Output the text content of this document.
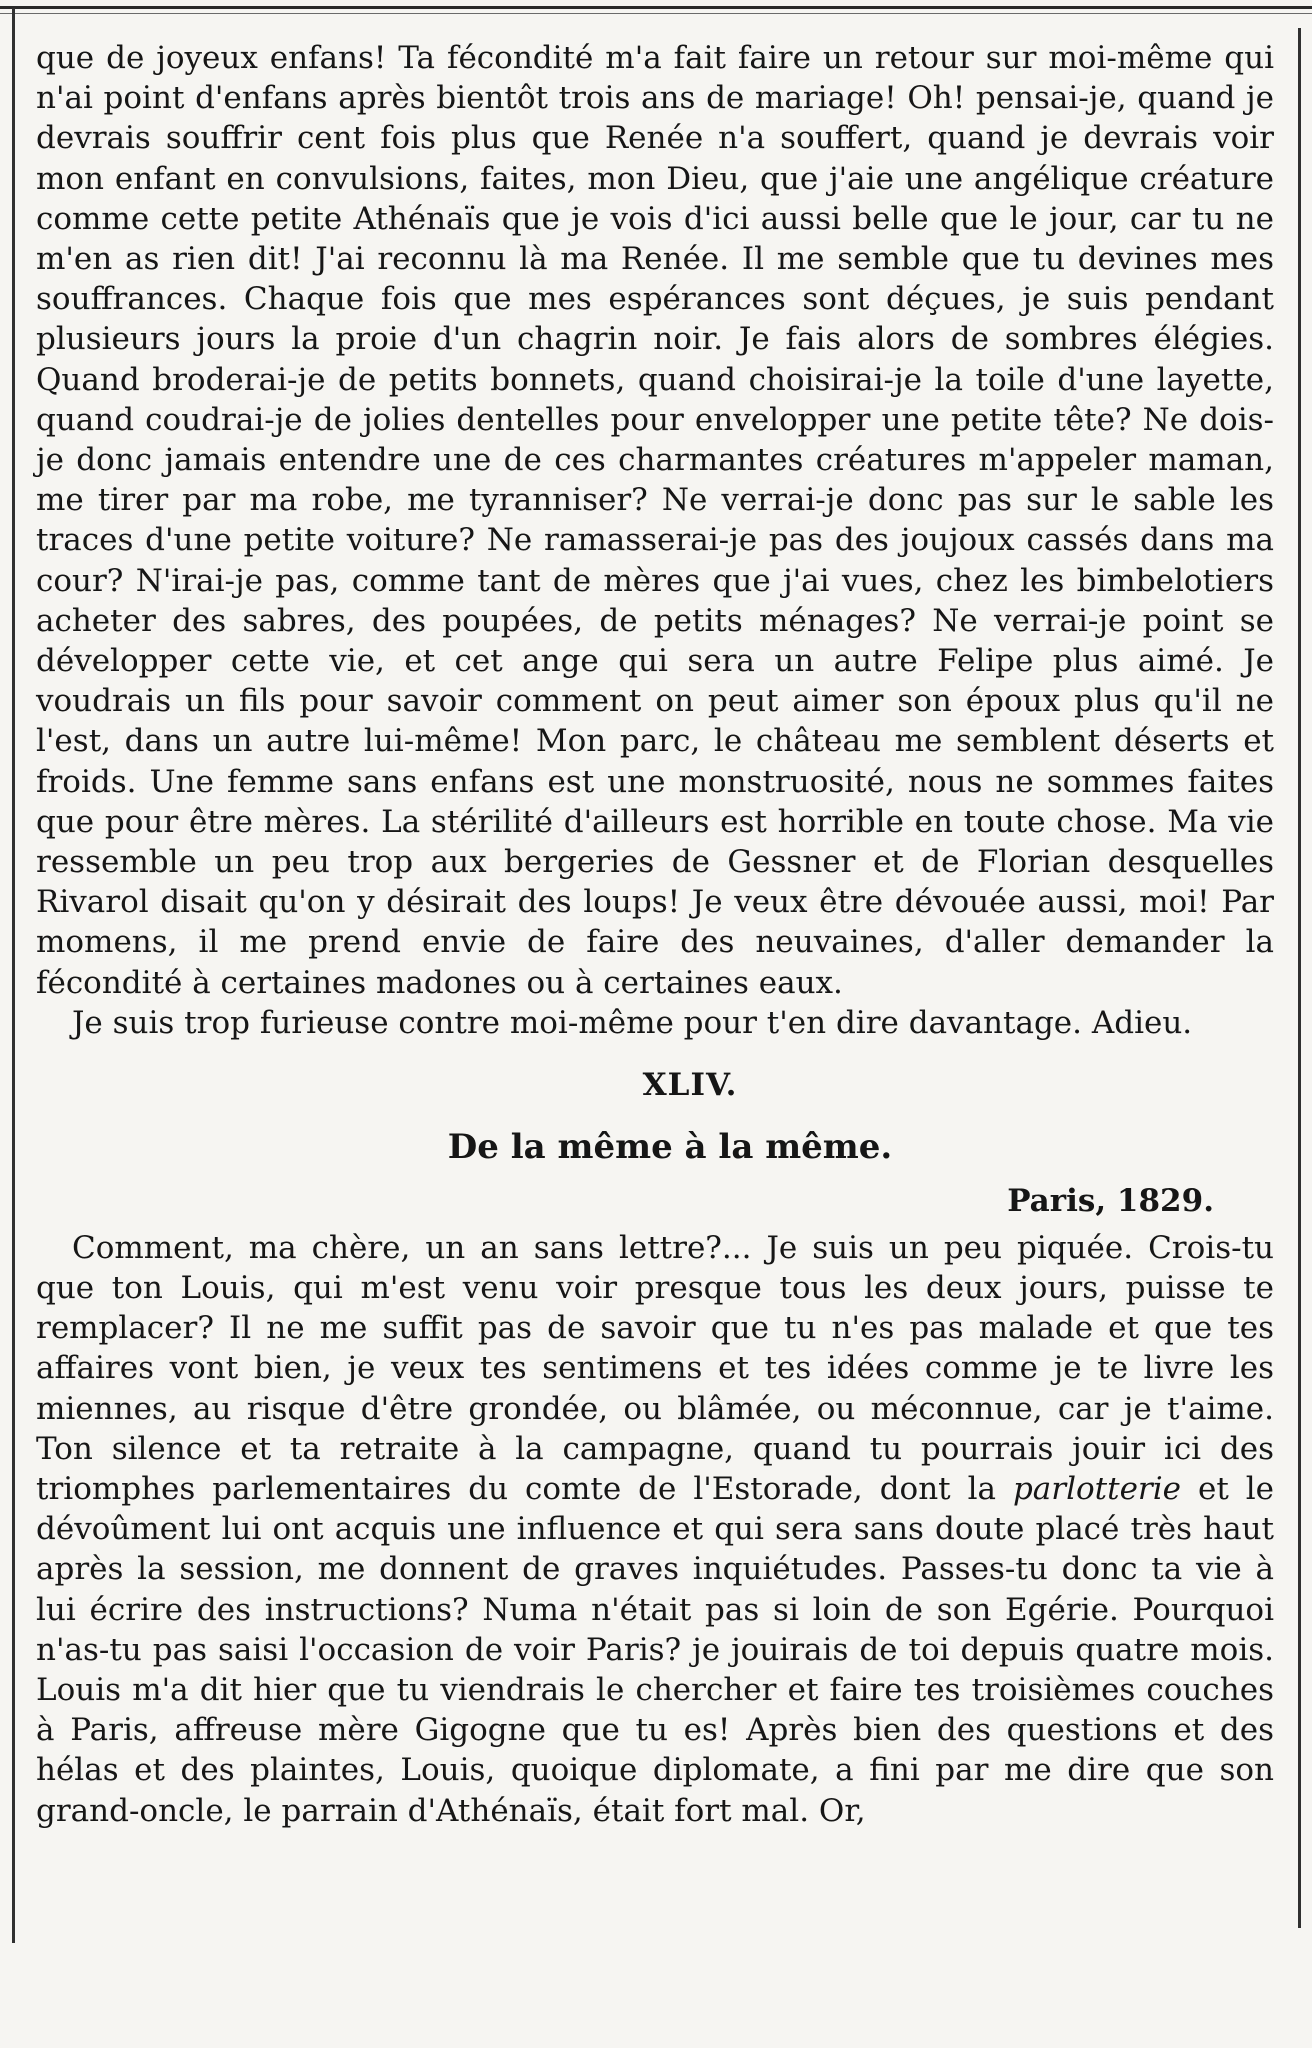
que de joyeux enfans! Ta fécondité m'a fait faire un retour sur moi-même qui n'ai point d'enfans après bientôt trois ans de mariage! Oh! pensai-je, quand je devrais souffrir cent fois plus que Renée n'a souffert, quand je devrais voir mon enfant en convulsions, faites, mon Dieu, que j'aie une angélique créature comme cette petite Athénaïs que je vois d'ici aussi belle que le jour, car tu ne m'en as rien dit! J'ai reconnu là ma Renée. Il me semble que tu devines mes souffrances. Chaque fois que mes espérances sont déçues, je suis pendant plusieurs jours la proie d'un chagrin noir. Je fais alors de sombres élégies. Quand broderai-je de petits bonnets, quand choisirai-je la toile d'une layette, quand coudrai-je de jolies dentelles pour envelopper une petite tête? Ne dois-je donc jamais entendre une de ces charmantes créatures m'appeler maman, me tirer par ma robe, me tyranniser? Ne verrai-je donc pas sur le sable les traces d'une petite voiture? Ne ramasserai-je pas des joujoux cassés dans ma cour? N'irai-je pas, comme tant de mères que j'ai vues, chez les bimbelotiers acheter des sabres, des poupées, de petits ménages? Ne verrai-je point se développer cette vie, et cet ange qui sera un autre Felipe plus aimé. Je voudrais un fils pour savoir comment on peut aimer son époux plus qu'il ne l'est, dans un autre lui-même! Mon parc, le château me semblent déserts et froids. Une femme sans enfans est une monstruosité, nous ne sommes faites que pour être mères. La stérilité d'ailleurs est horrible en toute chose. Ma vie ressemble un peu trop aux bergeries de Gessner et de Florian desquelles Rivarol disait qu'on y désirait des loups! Je veux être dévouée aussi, moi! Par momens, il me prend envie de faire des neuvaines, d'aller demander la fécondité à certaines madones ou à certaines eaux.

Je suis trop furieuse contre moi-même pour t'en dire davantage. Adieu.

XLIV.

De la même à la même.

Paris, 1829.

Comment, ma chère, un an sans lettre?... Je suis un peu piquée. Crois-tu que ton Louis, qui m'est venu voir presque tous les deux jours, puisse te remplacer? Il ne me suffit pas de savoir que tu n'es pas malade et que tes affaires vont bien, je veux tes sentimens et tes idées comme je te livre les miennes, au risque d'être grondée, ou blâmée, ou méconnue, car je t'aime. Ton silence et ta retraite à la campagne, quand tu pourrais jouir ici des triomphes parlementaires du comte de l'Estorade, dont la parlotterie et le dévoûment lui ont acquis une influence et qui sera sans doute placé très haut après la session, me donnent de graves inquiétudes. Passes-tu donc ta vie à lui écrire des instructions? Numa n'était pas si loin de son Egérie. Pourquoi n'as-tu pas saisi l'occasion de voir Paris? je jouirais de toi depuis quatre mois. Louis m'a dit hier que tu viendrais le chercher et faire tes troisièmes couches à Paris, affreuse mère Gigogne que tu es! Après bien des questions et des hélas et des plaintes, Louis, quoique diplomate, a fini par me dire que son grand-oncle, le parrain d'Athénaïs, était fort mal. Or,
